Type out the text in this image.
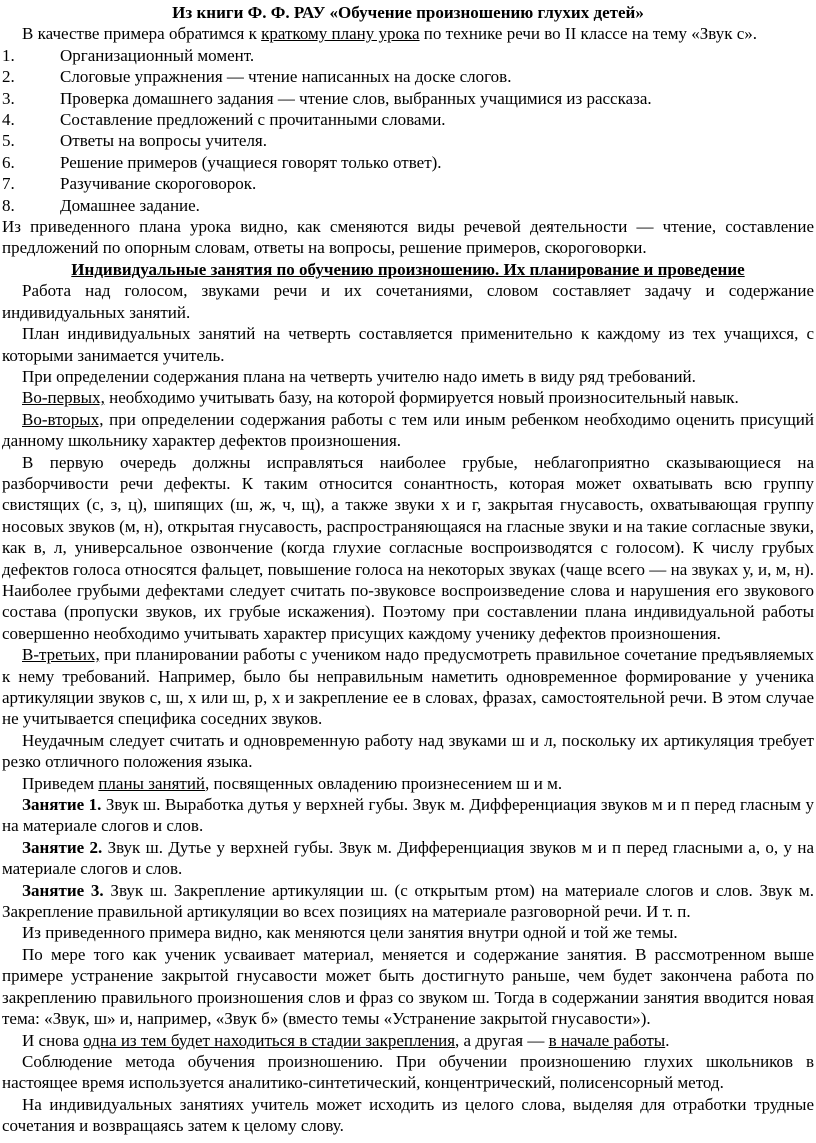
Из книги Ф. Ф. РАУ «Обучение произношению глухих детей»

В качестве примера обратимся к краткому плану урока по технике речи во II классе на тему «Звук с».

1.	Организационный момент.
2.	Слоговые упражнения — чтение написанных на доске слогов.
3.	Проверка домашнего задания — чтение слов, выбранных учащимися из рассказа.
4.	Составление предложений с прочитанными словами.
5.	Ответы на вопросы учителя.
6.	Решение примеров (учащиеся говорят только ответ).
7.	Разучивание скороговорок.
8.	Домашнее задание.

Из приведенного плана урока видно, как сменяются виды речевой деятельности — чтение, составление предложений по опорным словам, ответы на вопросы, решение примеров, скороговорки.

Индивидуальные занятия по обучению произношению. Их планирование и проведение

Работа над голосом, звуками речи и их сочетаниями, словом составляет задачу и содержание индивидуальных занятий.

План индивидуальных занятий на четверть составляется применительно к каждому из тех учащихся, с которыми занимается учитель.

При определении содержания плана на четверть учителю надо иметь в виду ряд требований.

Во-первых, необходимо учитывать базу, на которой формируется новый произносительный навык.

Во-вторых, при определении содержания работы с тем или иным ребенком необходимо оценить присущий данному школьнику характер дефектов произношения.

В первую очередь должны исправляться наиболее грубые, неблагоприятно сказывающиеся на разборчивости речи дефекты. К таким относится сонантность, которая может охватывать всю группу свистящих (с, з, ц), шипящих (ш, ж, ч, щ), а также звуки х и г, закрытая гнусавость, охватывающая группу носовых звуков (м, н), открытая гнусавость, распространяющаяся на гласные звуки и на такие согласные звуки, как в, л, универсальное озвончение (когда глухие согласные воспроизводятся с голосом). К числу грубых дефектов голоса относятся фальцет, повышение голоса на некоторых звуках (чаще всего — на звуках у, и, м, н). Наиболее грубыми дефектами следует считать по-звуковсе воспроизведение слова и нарушения его звукового состава (пропуски звуков, их грубые искажения). Поэтому при составлении плана индивидуальной работы совершенно необходимо учитывать характер присущих каждому ученику дефектов произношения.

В-третьих, при планировании работы с учеником надо предусмотреть правильное сочетание предъявляемых к нему требований. Например, было бы неправильным наметить одновременное формирование у ученика артикуляции звуков с, ш, х или ш, р, х и закрепление ее в словах, фразах, самостоятельной речи. В этом случае не учитывается специфика соседних звуков.

Неудачным следует считать и одновременную работу над звуками ш и л, поскольку их артикуляция требует резко отличного положения языка.

Приведем планы занятий, посвященных овладению произнесением ш и м.

Занятие 1. Звук ш. Выработка дутья у верхней губы. Звук м. Дифференциация звуков м и п перед гласным у на материале слогов и слов.

Занятие 2. Звук ш. Дутье у верхней губы. Звук м. Дифференциация звуков м и п перед гласными а, о, у на материале слогов и слов.

Занятие 3. Звук ш. Закрепление артикуляции ш. (с открытым ртом) на материале слогов и слов. Звук м. Закрепление правильной артикуляции во всех позициях на материале разговорной речи. И т. п.

Из приведенного примера видно, как меняются цели занятия внутри одной и той же темы.

По мере того как ученик усваивает материал, меняется и содержание занятия. В рассмотренном выше примере устранение закрытой гнусавости может быть достигнуто раньше, чем будет закончена работа по закреплению правильного произношения слов и фраз со звуком ш. Тогда в содержании занятия вводится новая тема: «Звук, ш» и, например, «Звук б» (вместо темы «Устранение закрытой гнусавости»).

И снова одна из тем будет находиться в стадии закрепления, а другая — в начале работы.

Соблюдение метода обучения произношению. При обучении произношению глухих школьников в настоящее время используется аналитико-синтетический, концентрический, полисенсорный метод.

На индивидуальных занятиях учитель может исходить из целого слова, выделяя для отработки трудные сочетания и возвращаясь затем к целому слову.
